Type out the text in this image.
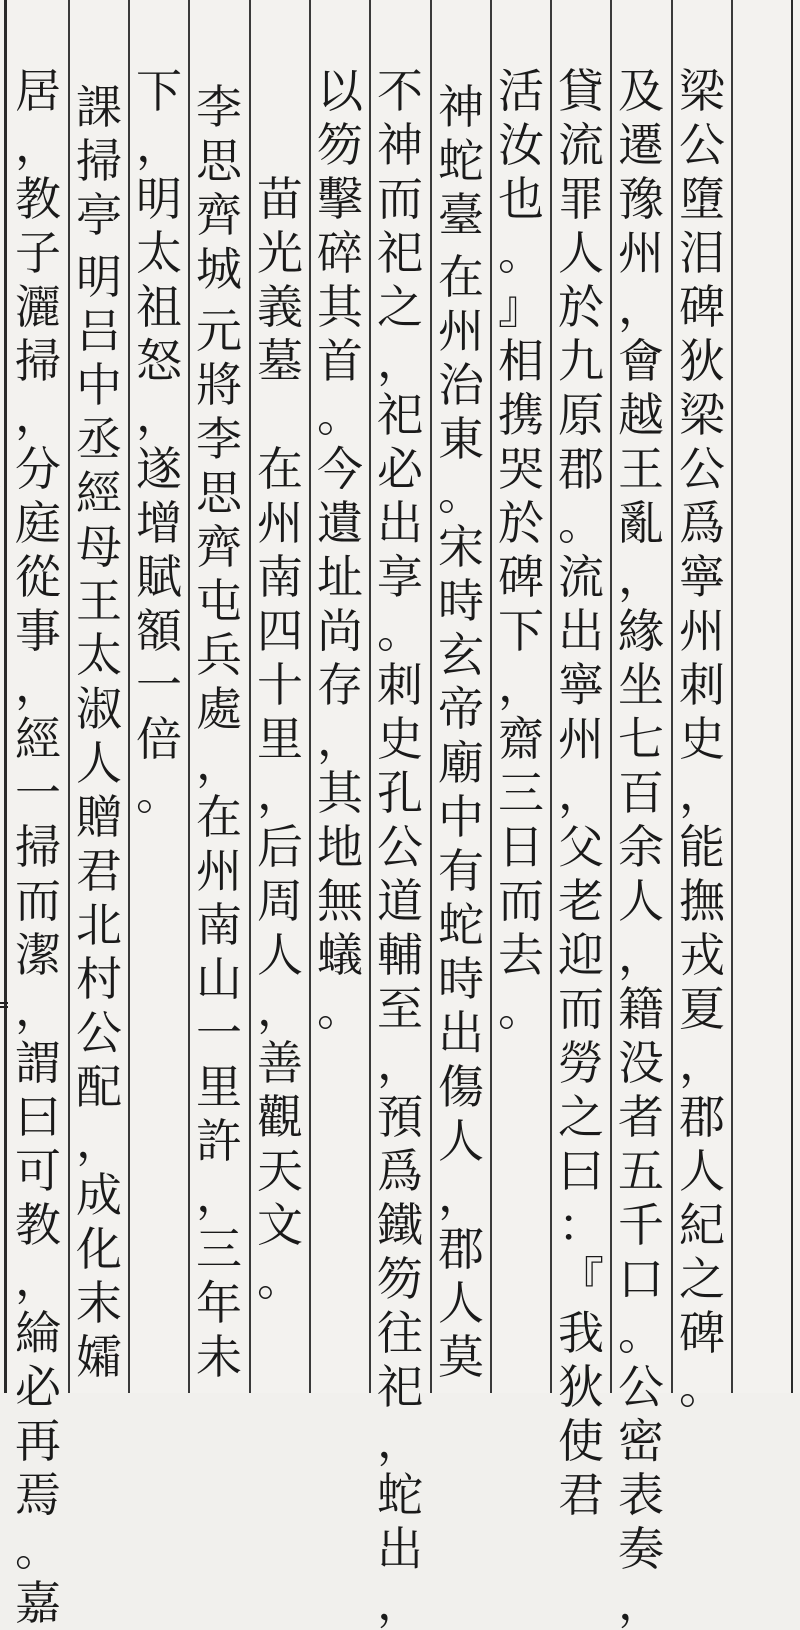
梁
公
墮
泪
碑
狄
梁
公
爲
寧
州
刺
史
，
能
撫
戎
夏
，
郡
人
紀
之
碑
。
及
遷
豫
州
，
會
越
王
亂
，
緣
坐
七
百
余
人
，
籍
没
者
五
千
口
。
公
密
表
奏
，
貸
流
罪
人
於
九
原
郡
。
流
出
寧
州
，
父
老
迎
而
勞
之
曰
：
『
我
狄
使
君
活
汝
也
。
』
相
携
哭
於
碑
下
，
齋
三
日
而
去
。
神
蛇
臺
在
州
治
東
。
宋
時
玄
帝
廟
中
有
蛇
時
出
傷
人
，
郡
人
莫
不
神
而
祀
之
，
祀
必
出
享
。
刺
史
孔
公
道
輔
至
，
預
爲
鐵
笏
往
祀
，
蛇
出
，
以
笏
擊
碎
其
首
。
今
遺
址
尚
存
，
其
地
無
蟻
。
苗
光
義
墓
在
州
南
四
十
里
，
后
周
人
，
善
觀
天
文
。
李
思
齊
城
元
將
李
思
齊
屯
兵
處
，
在
州
南
山
一
里
許
，
三
年
未
下
，
明
太
祖
怒
，
遂
增
賦
額
一
倍
。
課
掃
亭
明
吕
中
丞
經
母
王
太
淑
人
贈
君
北
村
公
配
，
成
化
末
孀
居
，
教
子
灑
掃
，
分
庭
從
事
，
經
一
掃
而
潔
，
謂
曰
可
教
，
綸
必
再
焉
。
嘉
